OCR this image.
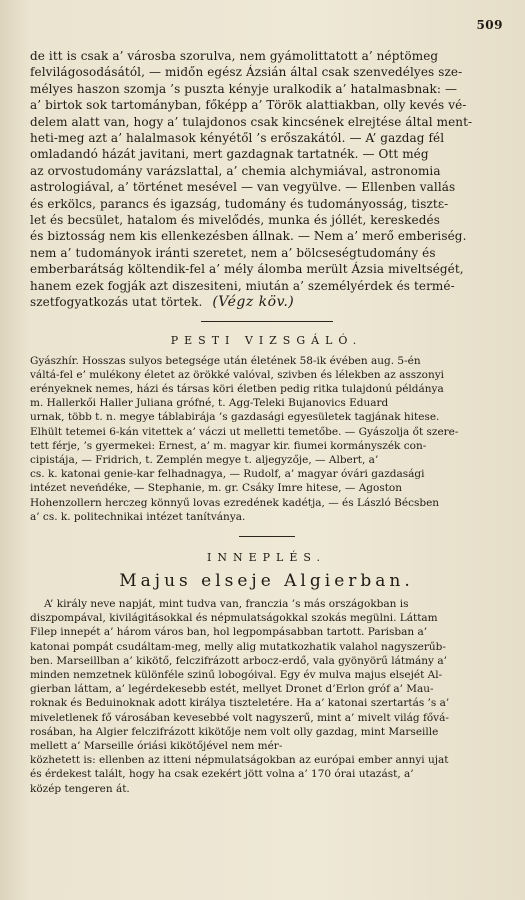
509
de itt is csak a’ városba szorulva, nem gyámolittatott a’ néptömeg
felvilágosodásától, — midőn egész Ázsián által csak szenvedélyes sze-
mélyes haszon szomja ’s puszta kényje uralkodik a’ hatalmasbnak: —
a’ birtok sok tartományban, főképp a’ Török alattiakban, olly kevés vé-
delem alatt van, hogy a’ tulajdonos csak kincsének elrejtése által ment-
heti-meg azt a’ halalmasok kényétől ’s erőszakától. — A’ gazdag fél
omladandó házát javitani, mert gazdagnak tartatnék. — Ott még
az orvostudomány varázslattal, a’ chemia alchymiával, astronomia
astrologiával, a’ történet mesével — van vegyülve. — Ellenben vallás
és erkölcs, parancs és igazság, tudomány és tudományosság, tisztε-
let és becsület, hatalom és mivelődés, munka és jóllét, kereskedés
és biztosság nem kis ellenkezésben állnak. — Nem a’ merő emberiség.
nem a’ tudományok iránti szeretet, nem a’ bölcseségtudomány és
emberbarátság költendik-fel a’ mély álomba merült Ázsia miveltségét,
hanem ezek fogják azt diszesiteni, miután a’ személyérdek és termé-
szetfogyatkozás utat törtek. (Végz köv.)
PESTI VIZSGÁLÓ.
Gyászhír. Hosszas sulyos betegsége után életének 58-ik évében aug. 5-én
váltá-fel e’ mulékony életet az örökké valóval, szivben és lélekben az asszonyi
erényeknek nemes, házi és társas köri életben pedig ritka tulajdonú példánya
m. Hallerkői Haller Juliana grófné, t. Agg-Teleki Bujanovics Eduard
urnak, több t. n. megye táblabirája ’s gazdasági egyesületek tagjának hitese.
Elhült tetemei 6-kán vitettek a’ váczi ut melletti temetőbe. — Gyászolja őt szere-
tett férje, ’s gyermekei: Ernest, a’ m. magyar kir. fiumei kormányszék con-
cipistája, — Fridrich, t. Zemplén megye t. aljegyzője, — Albert, a’
cs. k. katonai genie-kar felhadnagya, — Rudolf, a’ magyar óvári gazdasági
intézet neveńdéke, — Stephanie, m. gr. Csáky Imre hitese, — Agoston
Hohenzollern herczeg könnyű lovas ezredének kadétja, — és László Bécsben
a’ cs. k. politechnikai intézet tanítványa.
INNEPLÉS.
Majus elseje Algierban.
A’ király neve napját, mint tudva van, francziа ’s más országokban is
diszpompával, kivilágitásokkal és népmulatságokkal szokás megülni. Láttam
Filep innepét a’ három város ban, hol legpompásabban tartott. Parisban a’
katonai pompát csudáltam-meg, melly alig mutatkozhatik valahol nagyszerűb-
ben. Marseillban a’ kikötő, felczifrázott arbocz-erdő, vala gyönyörű látmány a’
minden nemzetnek különféle szinű lobogóival. Egy év mulva majus elsejét Al-
gierban láttam, a’ legérdekesebb estét, mellyet Dronet d’Erlon gróf a’ Mau-
roknak és Beduinoknak adott királya tiszteletére. Ha a’ katonai szertartás ’s a’
miveletlenek fő városában kevesebbé volt nagyszerű, mint a’ mivelt világ fővá-
rosában, ha Algier felczifrázott kikötője nem volt olly gazdag, mint Marseille
mellett a’ Marseille óriási kikötőjével nem mér-
közhetett is: ellenben az itteni népmulatságokban az európai ember annyi ujat
és érdekest talált, hogy ha csak ezekért jött volna a’ 170 órai utazást, a’
közép tengeren át.
